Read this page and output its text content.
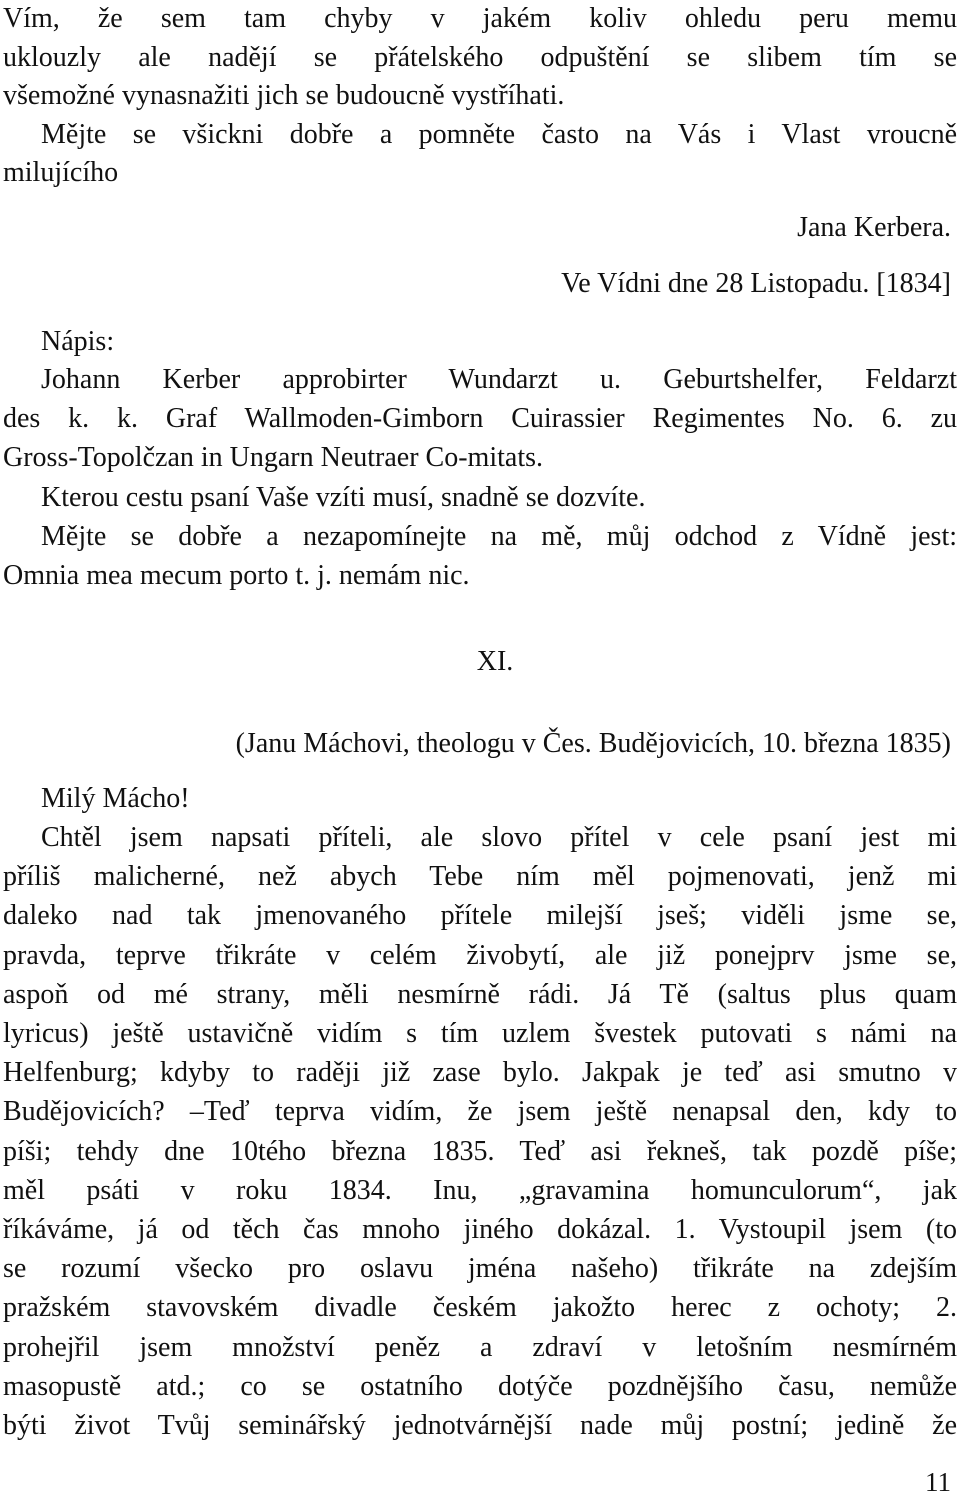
Vím, že sem tam chyby v jakém koliv ohledu peru memu
uklouzly ale nadějí se přátelského odpuštění se slibem tím se
všemožné vynasnažiti jich se budoucně vystříhati.
Mějte se všickni dobře a pomněte často na Vás i Vlast vroucně
milujícího
Jana Kerbera.
Ve Vídni dne 28 Listopadu. [1834]
Nápis:
Johann Kerber approbirter Wundarzt u. Geburtshelfer, Feldarzt
des k. k. Graf Wallmoden-Gimborn Cuirassier Regimentes No. 6. zu
Gross-Topolčzan in Ungarn Neutraer Co-mitats.
Kterou cestu psaní Vaše vzíti musí, snadně se dozvíte.
Mějte se dobře a nezapomínejte na mě, můj odchod z Vídně jest:
Omnia mea mecum porto t. j. nemám nic.
XI.
(Janu Máchovi, theologu v Čes. Budějovicích, 10. března 1835)
Milý Mácho!
Chtěl jsem napsati příteli, ale slovo přítel v cele psaní jest mi
příliš malicherné, než abych Tebe ním měl pojmenovati, jenž mi
daleko nad tak jmenovaného přítele milejší jseš; viděli jsme se,
pravda, teprve třikráte v celém živobytí, ale již ponejprv jsme se,
aspoň od mé strany, měli nesmírně rádi. Já Tě (saltus plus quam
lyricus) ještě ustavičně vidím s tím uzlem švestek putovati s námi na
Helfenburg; kdyby to raději již zase bylo. Jakpak je teď asi smutno v
Budějovicích? –Teď teprva vidím, že jsem ještě nenapsal den, kdy to
píši; tehdy dne 10tého března 1835. Teď asi řekneš, tak pozdě píše;
měl psáti v roku 1834. Inu, „gravamina homunculorum“, jak
říkáváme, já od těch čas mnoho jiného dokázal. 1. Vystoupil jsem (to
se rozumí všecko pro oslavu jména našeho) třikráte na zdejším
pražském stavovském divadle českém jakožto herec z ochoty; 2.
prohejřil jsem množství peněz a zdraví v letošním nesmírném
masopustě atd.; co se ostatního dotýče pozdnějšího času, nemůže
býti život Tvůj seminářský jednotvárnější nade můj postní; jedině že
11
